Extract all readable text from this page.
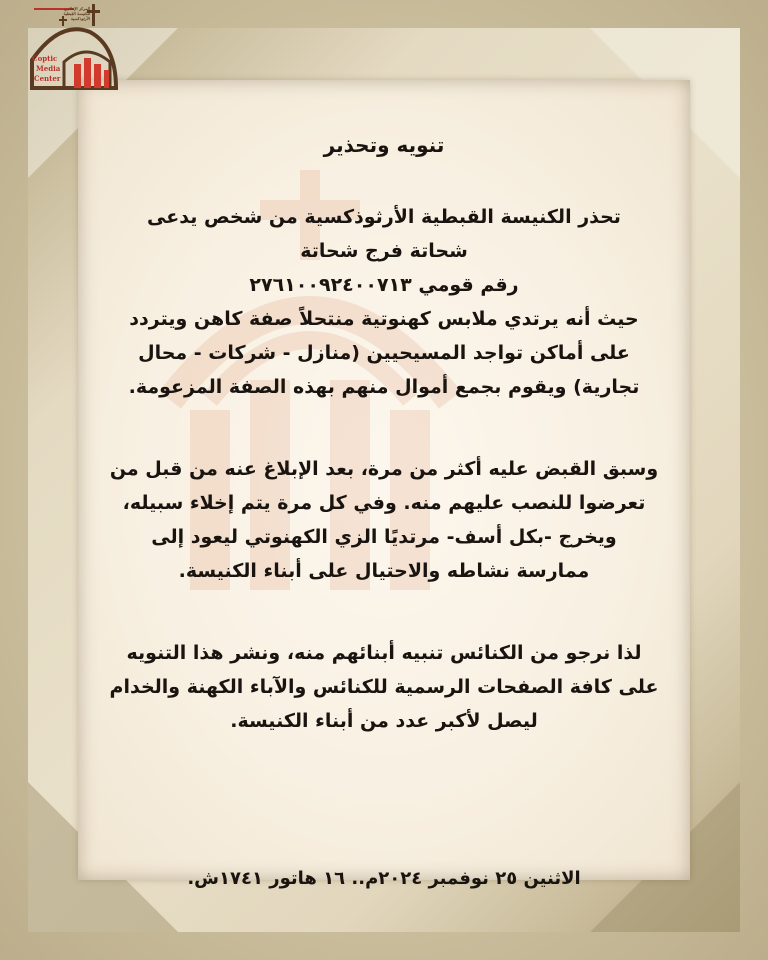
Coptic
Media
Center
المركز الإعلامي للكنيسة القبطية الأرثوذكسية
تنويه وتحذير
تحذر الكنيسة القبطية الأرثوذكسية من شخص يدعى
شحاتة فرج شحاتة
رقم قومي ٢٧٦١٠٠٩٢٤٠٠٧١٣
حيث أنه يرتدي ملابس كهنوتية منتحلاً صفة كاهن ويتردد
على أماكن تواجد المسيحيين (منازل - شركات - محال
تجارية) ويقوم بجمع أموال منهم بهذه الصفة المزعومة.
وسبق القبض عليه أكثر من مرة، بعد الإبلاغ عنه من قبل من
تعرضوا للنصب عليهم منه. وفي كل مرة يتم إخلاء سبيله،
ويخرج -بكل أسف- مرتديًا الزي الكهنوتي ليعود إلى
ممارسة نشاطه والاحتيال على أبناء الكنيسة.
لذا نرجو من الكنائس تنبيه أبنائهم منه، ونشر هذا التنويه
على كافة الصفحات الرسمية للكنائس والآباء الكهنة والخدام
ليصل لأكبر عدد من أبناء الكنيسة.
الاثنين ٢٥ نوفمبر ٢٠٢٤م.. ١٦ هاتور ١٧٤١ش.
